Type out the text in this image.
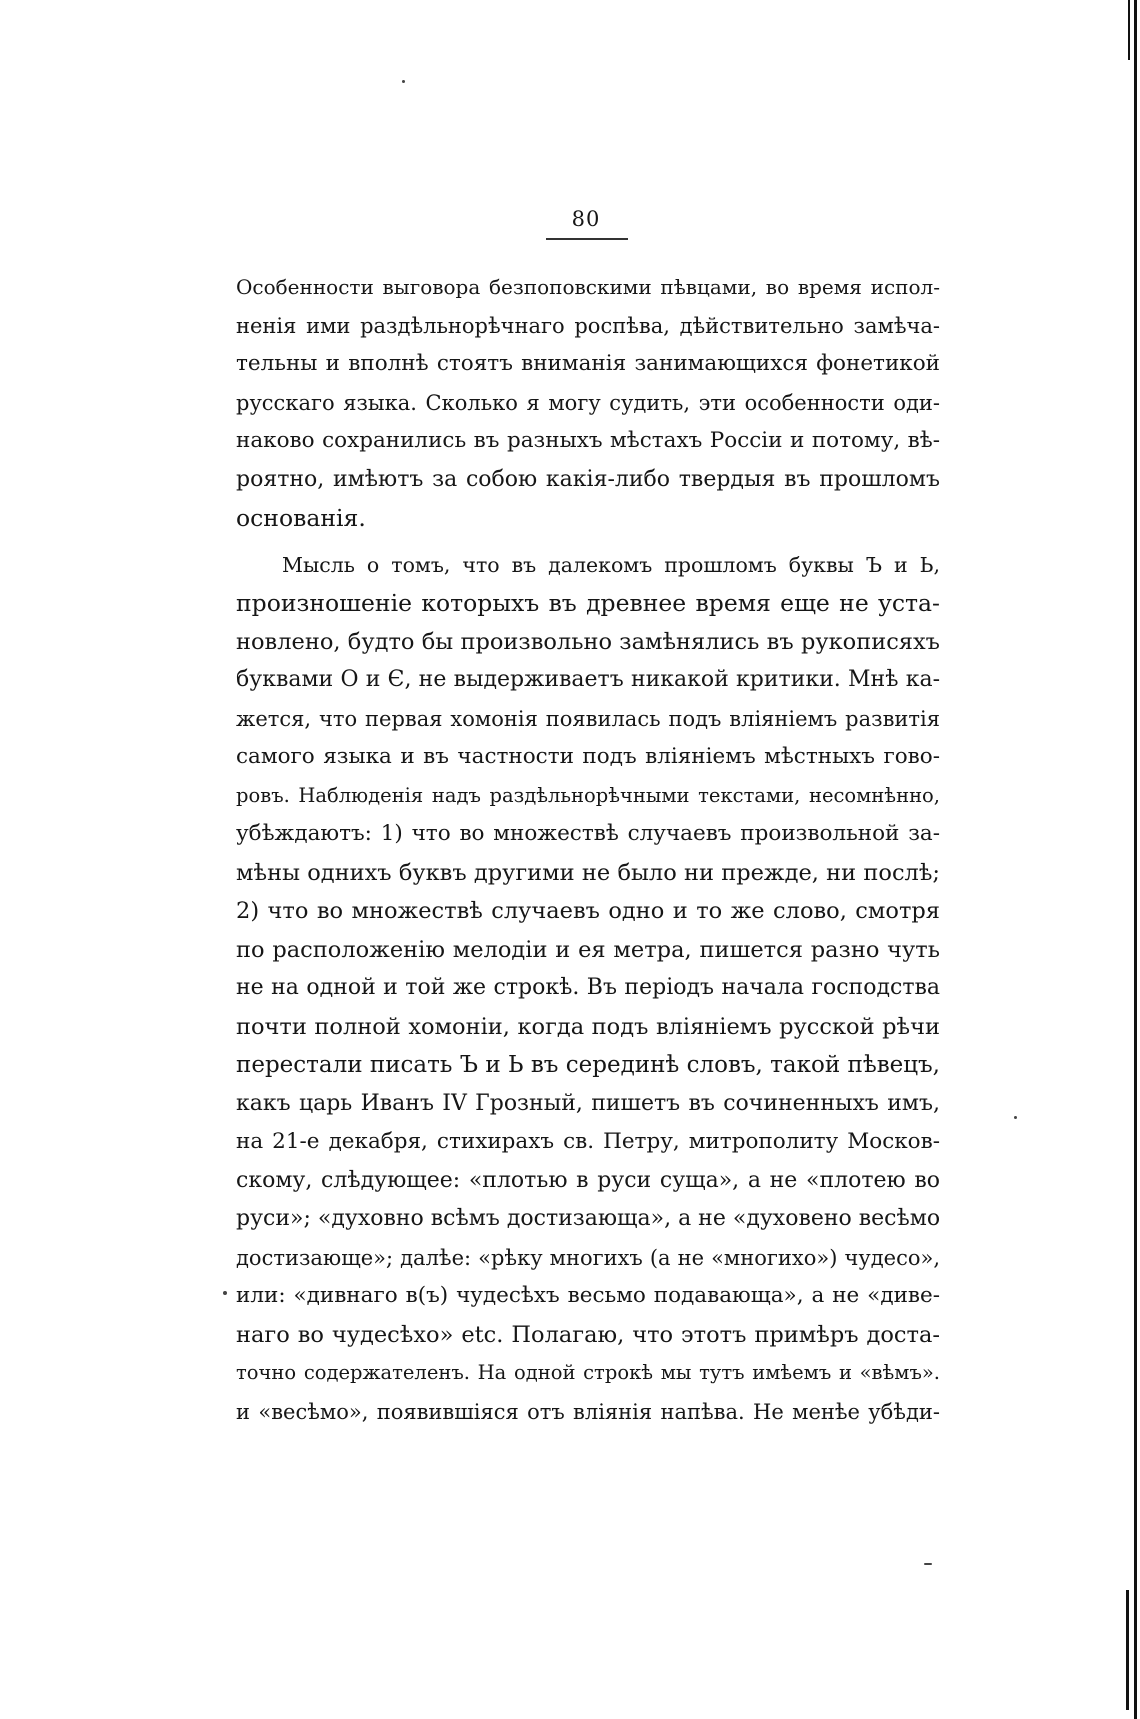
80
Особенности выговора безпоповскими пѣвцами, во время испол-
ненія ими раздѣльнорѣчнаго роспѣва, дѣйствительно замѣча-
тельны и вполнѣ стоятъ вниманія занимающихся фонетикой
русскаго языка. Сколько я могу судить, эти особенности оди-
наково сохранились въ разныхъ мѣстахъ Россіи и потому, вѣ-
роятно, имѣютъ за собою какія-либо твердыя въ прошломъ
основанія.
Мысль о томъ, что въ далекомъ прошломъ буквы Ъ и Ь,
произношеніе которыхъ въ древнее время еще не уста-
новлено, будто бы произвольно замѣнялись въ рукописяхъ
буквами О и Є, не выдерживаетъ никакой критики. Мнѣ ка-
жется, что первая хомонія появилась подъ вліяніемъ развитія
самого языка и въ частности подъ вліяніемъ мѣстныхъ гово-
ровъ. Наблюденія надъ раздѣльнорѣчными текстами, несомнѣнно,
убѣждаютъ: 1) что во множествѣ случаевъ произвольной за-
мѣны однихъ буквъ другими не было ни прежде, ни послѣ;
2) что во множествѣ случаевъ одно и то же слово, смотря
по расположенію мелодіи и ея метра, пишется разно чуть
не на одной и той же строкѣ. Въ періодъ начала господства
почти полной хомоніи, когда подъ вліяніемъ русской рѣчи
перестали писать Ъ и Ь въ серединѣ словъ, такой пѣвецъ,
какъ царь Иванъ IV Грозный, пишетъ въ сочиненныхъ имъ,
на 21-е декабря, стихирахъ св. Петру, митрополиту Москов-
скому, слѣдующее: «плотью в руси суща», а не «плотею во
руси»; «духовно всѣмъ достизающа», а не «духовено весѣмо
достизающе»; далѣе: «рѣку многихъ (а не «многихо») чудесо»,
или: «дивнаго в(ъ) чудесѣхъ весьмо подавающа», а не «диве-
наго во чудесѣхо» etc. Полагаю, что этотъ примѣръ доста-
точно содержателенъ. На одной строкѣ мы тутъ имѣемъ и «вѣмъ».
и «весѣмо», появившіяся отъ вліянія напѣва. Не менѣе убѣди-
